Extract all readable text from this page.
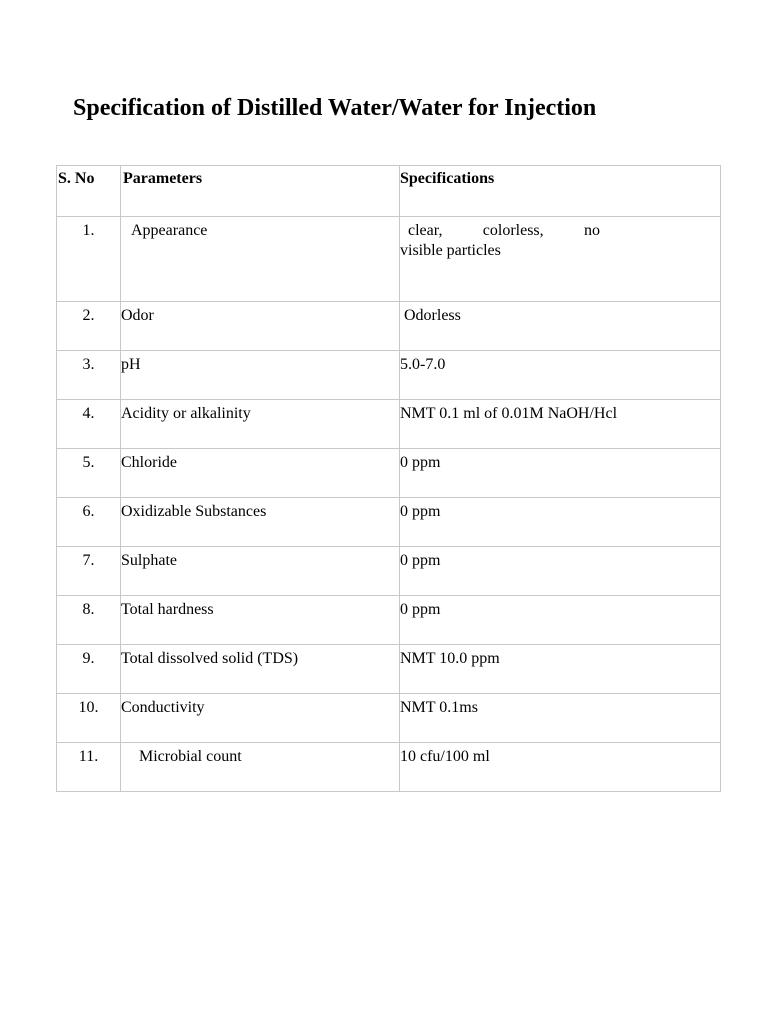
Specification of Distilled Water/Water for Injection
S. No	Parameters	Specifications
1.	Appearance	clear, colorless, no
visible particles
2.	Odor	Odorless
3.	pH	5.0-7.0
4.	Acidity or alkalinity	NMT 0.1 ml of 0.01M NaOH/Hcl
5.	Chloride	0 ppm
6.	Oxidizable Substances	0 ppm
7.	Sulphate	0 ppm
8.	Total hardness	0 ppm
9.	Total dissolved solid (TDS)	NMT 10.0 ppm
10.	Conductivity	NMT 0.1ms
11.	Microbial count	10 cfu/100 ml
